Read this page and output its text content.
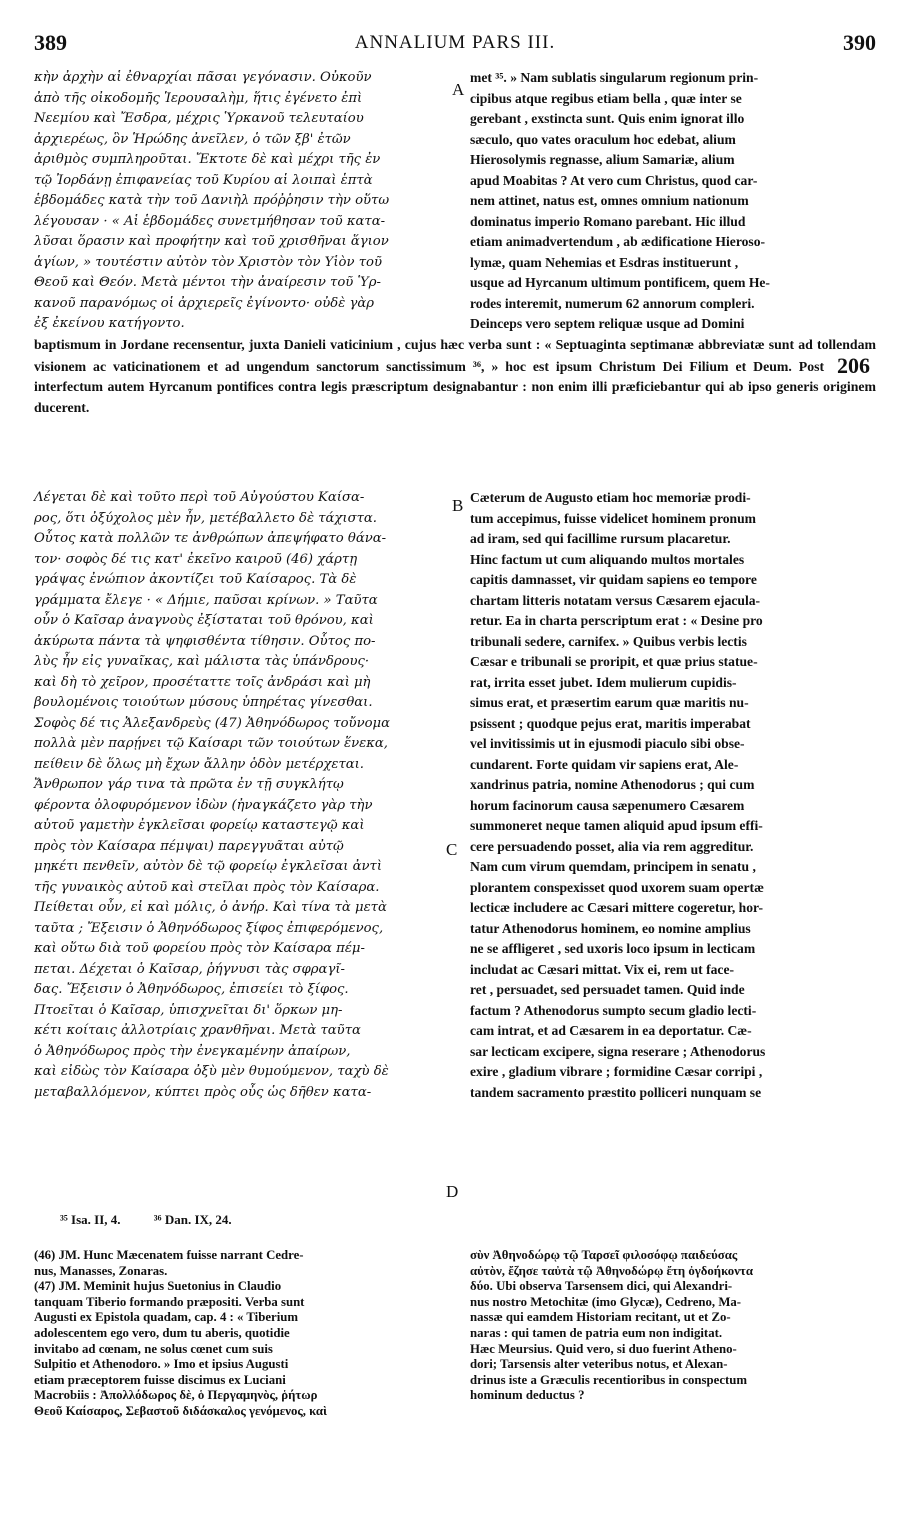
389	ANNALIUM PARS III.	390
κὴν ἀρχὴν αἱ ἐθναρχίαι πᾶσαι γεγόνασιν. Οὐκοῦν
ἀπὸ τῆς οἰκοδομῆς Ἱερουσαλὴμ, ἥτις ἐγένετο ἐπὶ
Νεεμίου καὶ Ἔσδρα, μέχρις Ὑρκανοῦ τελευταίου
ἀρχιερέως, ὃν Ἡρώδης ἀνεῖλεν, ὁ τῶν ξβ' ἐτῶν
ἀριθμὸς συμπληροῦται. Ἔκτοτε δὲ καὶ μέχρι τῆς ἐν
τῷ Ἰορδάνῃ ἐπιφανείας τοῦ Κυρίου αἱ λοιπαὶ ἑπτὰ
ἑβδομάδες κατὰ τὴν τοῦ Δανιὴλ πρόῤῥησιν τὴν οὕτω
λέγουσαν · « Αἱ ἑβδομάδες συνετμήθησαν τοῦ κατα-
λῦσαι ὅρασιν καὶ προφήτην καὶ τοῦ χρισθῆναι ἅγιον
ἁγίων, » τουτέστιν αὐτὸν τὸν Χριστὸν τὸν Υἱὸν τοῦ
Θεοῦ καὶ Θεόν. Μετὰ μέντοι τὴν ἀναίρεσιν τοῦ Ὑρ-
κανοῦ παρανόμως οἱ ἀρχιερεῖς ἐγίνοντο· οὐδὲ γὰρ
ἐξ ἐκείνου κατήγοντο.
A
met ³⁵. » Nam sublatis singularum regionum prin-
cipibus atque regibus etiam bella , quæ inter se
gerebant , exstincta sunt. Quis enim ignorat illo
sæculo, quo vates oraculum hoc edebat, alium
Hierosolymis regnasse, alium Samariæ, alium
apud Moabitas ? At vero cum Christus, quod car-
nem attinet, natus est, omnes omnium nationum
dominatus imperio Romano parebant. Hic illud
etiam animadvertendum , ab ædificatione Hieroso-
lymæ, quam Nehemias et Esdras instituerunt ,
usque ad Hyrcanum ultimum pontificem, quem He-
rodes interemit, numerum 62 annorum compleri.
Deinceps vero septem reliquæ usque ad Domini
baptismum in Jordane recensentur, juxta Danieli vaticinium , cujus hæc verba sunt : « Septuaginta septimanæ abbreviatæ sunt ad tollendam visionem ac vaticinationem et ad ungendum sanctorum sanctissimum ³⁶, » hoc est ipsum Christum Dei Filium et Deum. Post 206 interfectum autem Hyrcanum pontifices contra legis præscriptum designabantur : non enim illi præficiebantur qui ab ipso generis originem ducerent.
B
Λέγεται δὲ καὶ τοῦτο περὶ τοῦ Αὐγούστου Καίσα-
ρος, ὅτι ὀξύχολος μὲν ἦν, μετέβαλλετο δὲ τάχιστα.
Οὗτος κατὰ πολλῶν τε ἀνθρώπων ἀπεψήφατο θάνα-
τον· σοφὸς δέ τις κατ' ἐκεῖνο καιροῦ (46) χάρτῃ
γράψας ἐνώπιον ἀκοντίζει τοῦ Καίσαρος. Τὰ δὲ
γράμματα ἔλεγε · « Δήμιε, παῦσαι κρίνων. » Ταῦτα
οὖν ὁ Καῖσαρ ἀναγνοὺς ἐξίσταται τοῦ θρόνου, καὶ
ἀκύρωτα πάντα τὰ ψηφισθέντα τίθησιν. Οὗτος πο-
λὺς ἦν εἰς γυναῖκας, καὶ μάλιστα τὰς ὑπάνδρους·
καὶ δὴ τὸ χεῖρον, προσέταττε τοῖς ἀνδράσι καὶ μὴ
βουλομένοις τοιούτων μύσους ὑπηρέτας γίνεσθαι.
Σοφὸς δέ τις Ἀλεξανδρεὺς (47) Ἀθηνόδωρος τοὔνομα
πολλὰ μὲν παρῄνει τῷ Καίσαρι τῶν τοιούτων ἕνεκα,
πείθειν δὲ ὅλως μὴ ἔχων ἄλλην ὁδὸν μετέρχεται.
Ἄνθρωπον γάρ τινα τὰ πρῶτα ἐν τῇ συγκλήτῳ
φέροντα ὀλοφυρόμενον ἰδὼν (ἠναγκάζετο γὰρ τὴν
αὐτοῦ γαμετὴν ἐγκλεῖσαι φορείῳ καταστεγῷ καὶ
πρὸς τὸν Καίσαρα πέμψαι) παρεγγυᾶται αὐτῷ
μηκέτι πενθεῖν, αὐτὸν δὲ τῷ φορείῳ ἐγκλεῖσαι ἀντὶ
τῆς γυναικὸς αὐτοῦ καὶ στεῖλαι πρὸς τὸν Καίσαρα.
Πείθεται οὖν, εἰ καὶ μόλις, ὁ ἀνήρ. Καὶ τίνα τὰ μετὰ
ταῦτα ; Ἔξεισιν ὁ Ἀθηνόδωρος ξίφος ἐπιφερόμενος,
καὶ οὕτω διὰ τοῦ φορείου πρὸς τὸν Καίσαρα πέμ-
πεται. Δέχεται ὁ Καῖσαρ, ῥήγνυσι τὰς σφραγῖ-
δας. Ἔξεισιν ὁ Ἀθηνόδωρος, ἐπισείει τὸ ξίφος.
Πτοεῖται ὁ Καῖσαρ, ὑπισχνεῖται δι' ὅρκων μη-
κέτι κοίταις ἀλλοτρίαις χρανθῆναι. Μετὰ ταῦτα
ὁ Ἀθηνόδωρος πρὸς τὴν ἐνεγκαμένην ἀπαίρων,
καὶ εἰδὼς τὸν Καίσαρα ὀξὺ μὲν θυμούμενον, ταχὺ δὲ
μεταβαλλόμενον, κύπτει πρὸς οὖς ὡς δῆθεν κατα-
C
Cæterum de Augusto etiam hoc memoriæ prodi-
tum accepimus, fuisse videlicet hominem pronum
ad iram, sed qui facillime rursum placaretur.
Hinc factum ut cum aliquando multos mortales
capitis damnasset, vir quidam sapiens eo tempore
chartam litteris notatam versus Cæsarem ejacula-
retur. Ea in charta perscriptum erat : « Desine pro
tribunali sedere, carnifex. » Quibus verbis lectis
Cæsar e tribunali se proripit, et quæ prius statue-
rat, irrita esset jubet. Idem mulierum cupidis-
simus erat, et præsertim earum quæ maritis nu-
psissent ; quodque pejus erat, maritis imperabat
vel invitissimis ut in ejusmodi piaculo sibi obse-
cundarent. Forte quidam vir sapiens erat, Ale-
xandrinus patria, nomine Athenodorus ; qui cum
horum facinorum causa sæpenumero Cæsarem
summoneret neque tamen aliquid apud ipsum effi-
cere persuadendo posset, alia via rem aggreditur.
Nam cum virum quemdam, principem in senatu ,
plorantem conspexisset quod uxorem suam opertæ
lecticæ includere ac Cæsari mittere cogeretur, hor-
tatur Athenodorus hominem, eo nomine amplius
ne se affligeret , sed uxoris loco ipsum in lecticam
includat ac Cæsari mittat. Vix ei, rem ut face-
ret , persuadet, sed persuadet tamen. Quid inde
factum ? Athenodorus sumpto secum gladio lecti-
cam intrat, et ad Cæsarem in ea deportatur. Cæ-
sar lecticam excipere, signa reserare ; Athenodorus
exire , gladium vibrare ; formidine Cæsar corripi ,
tandem sacramento præstito polliceri nunquam se
D
³⁵ Isa. II, 4.	³⁶ Dan. IX, 24.
(46) JM. Hunc Mæcenatem fuisse narrant Cedre-
nus, Manasses, Zonaras.
(47) JM. Meminit hujus Suetonius in Claudio
tanquam Tiberio formando præpositi. Verba sunt
Augusti ex Epistola quadam, cap. 4 : « Tiberium
adolescentem ego vero, dum tu aberis, quotidie
invitabo ad cœnam, ne solus cœnet cum suis
Sulpitio et Athenodoro. » Imo et ipsius Augusti
etiam præceptorem fuisse discimus ex Luciani
Macrobiis : Ἀπολλόδωρος δὲ, ὁ Περγαμηνὸς, ῥήτωρ
Θεοῦ Καίσαρος, Σεβαστοῦ διδάσκαλος γενόμενος, καὶ
σὺν Ἀθηνοδώρῳ τῷ Ταρσεῖ φιλοσόφῳ παιδεύσας
αὐτὸν, ἔζησε ταὐτὰ τῷ Ἀθηνοδώρῳ ἔτη ὀγδοήκοντα
δύο. Ubi observa Tarsensem dici, qui Alexandri-
nus nostro Metochitæ (imo Glycæ), Cedreno, Ma-
nassæ qui eamdem Historiam recitant, ut et Zo-
naras : qui tamen de patria eum non indigitat.
Hæc Meursius. Quid vero, si duo fuerint Atheno-
dori; Tarsensis alter veteribus notus, et Alexan-
drinus iste a Græculis recentioribus in conspectum
hominum deductus ?
